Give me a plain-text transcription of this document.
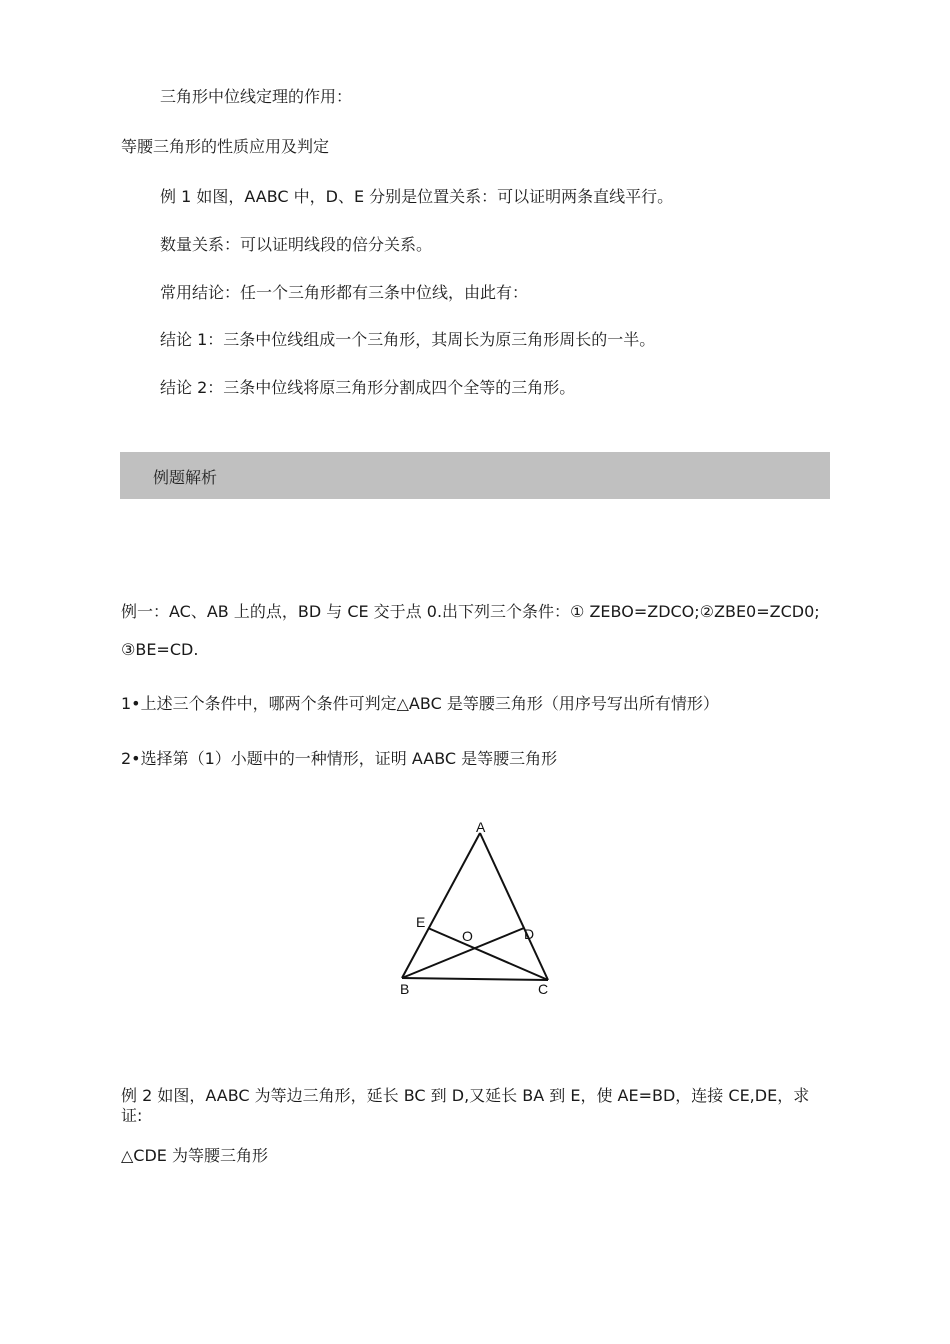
三角形中位线定理的作用：
等腰三角形的性质应用及判定
例 1 如图，AABC 中，D、E 分别是位置关系：可以证明两条直线平行。
数量关系：可以证明线段的倍分关系。
常用结论：任一个三角形都有三条中位线，由此有：
结论 1：三条中位线组成一个三角形，其周长为原三角形周长的一半。
结论 2：三条中位线将原三角形分割成四个全等的三角形。
例题解析
例一：AC、AB 上的点，BD 与 CE 交于点 0.出下列三个条件：① ZEBO=ZDCO;②ZBE0=ZCD0;
③BE=CD.
1•上述三个条件中，哪两个条件可判定△ABC 是等腰三角形（用序号写出所有情形）
2•选择第（1）小题中的一种情形，证明 AABC 是等腰三角形
A
E
O	D
B	C
例 2 如图，AABC 为等边三角形，延长 BC 到 D,又延长 BA 到 E，使 AE=BD，连接 CE,DE，求证:
△CDE 为等腰三角形
